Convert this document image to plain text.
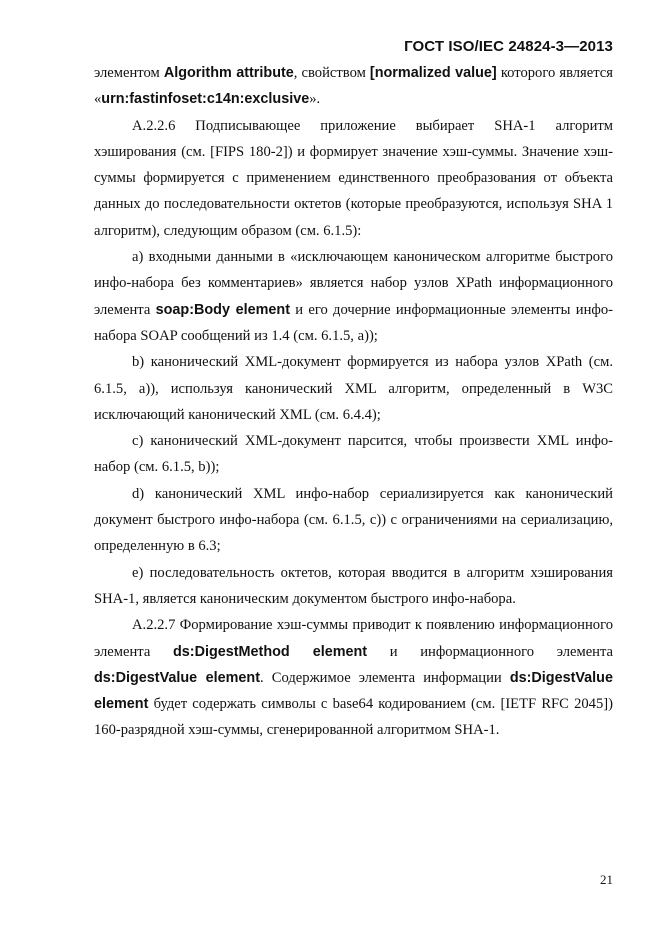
ГОСТ ISO/IEC 24824-3—2013

элементом Algorithm attribute, свойством [normalized value] которого является «urn:fastinfoset:c14n:exclusive».

А.2.2.6 Подписывающее приложение выбирает SHA-1 алгоритм хэширования (см. [FIPS 180-2]) и формирует значение хэш-суммы. Значение хэш-суммы формируется с применением единственного преобразования от объекта данных до последовательности октетов (которые преобразуются, используя SHA 1 алгоритм), следующим образом (см. 6.1.5):

а) входными данными в «исключающем каноническом алгоритме быстрого инфо-набора без комментариев» является набор узлов XPath информационного элемента soap:Body element и его дочерние информационные элементы инфо-набора SOAP сообщений из 1.4 (см. 6.1.5, а));

b) канонический XML-документ формируется из набора узлов XPath (см. 6.1.5, а)), используя канонический XML алгоритм, определенный в W3C исключающий канонический XML (см. 6.4.4);

с) канонический XML-документ парсится, чтобы произвести XML инфо-набор (см. 6.1.5, b));

d) канонический XML инфо-набор сериализируется как канонический документ быстрого инфо-набора (см. 6.1.5, с)) с ограничениями на сериализацию, определенную в 6.3;

е) последовательность октетов, которая вводится в алгоритм хэширования SHA-1, является каноническим документом быстрого инфо-набора.

А.2.2.7 Формирование хэш-суммы приводит к появлению информационного элемента ds:DigestMethod element и информационного элемента ds:DigestValue element. Содержимое элемента информации ds:DigestValue element будет содержать символы с base64 кодированием (см. [IETF RFC 2045]) 160-разрядной хэш-суммы, сгенерированной алгоритмом SHA-1.

21
